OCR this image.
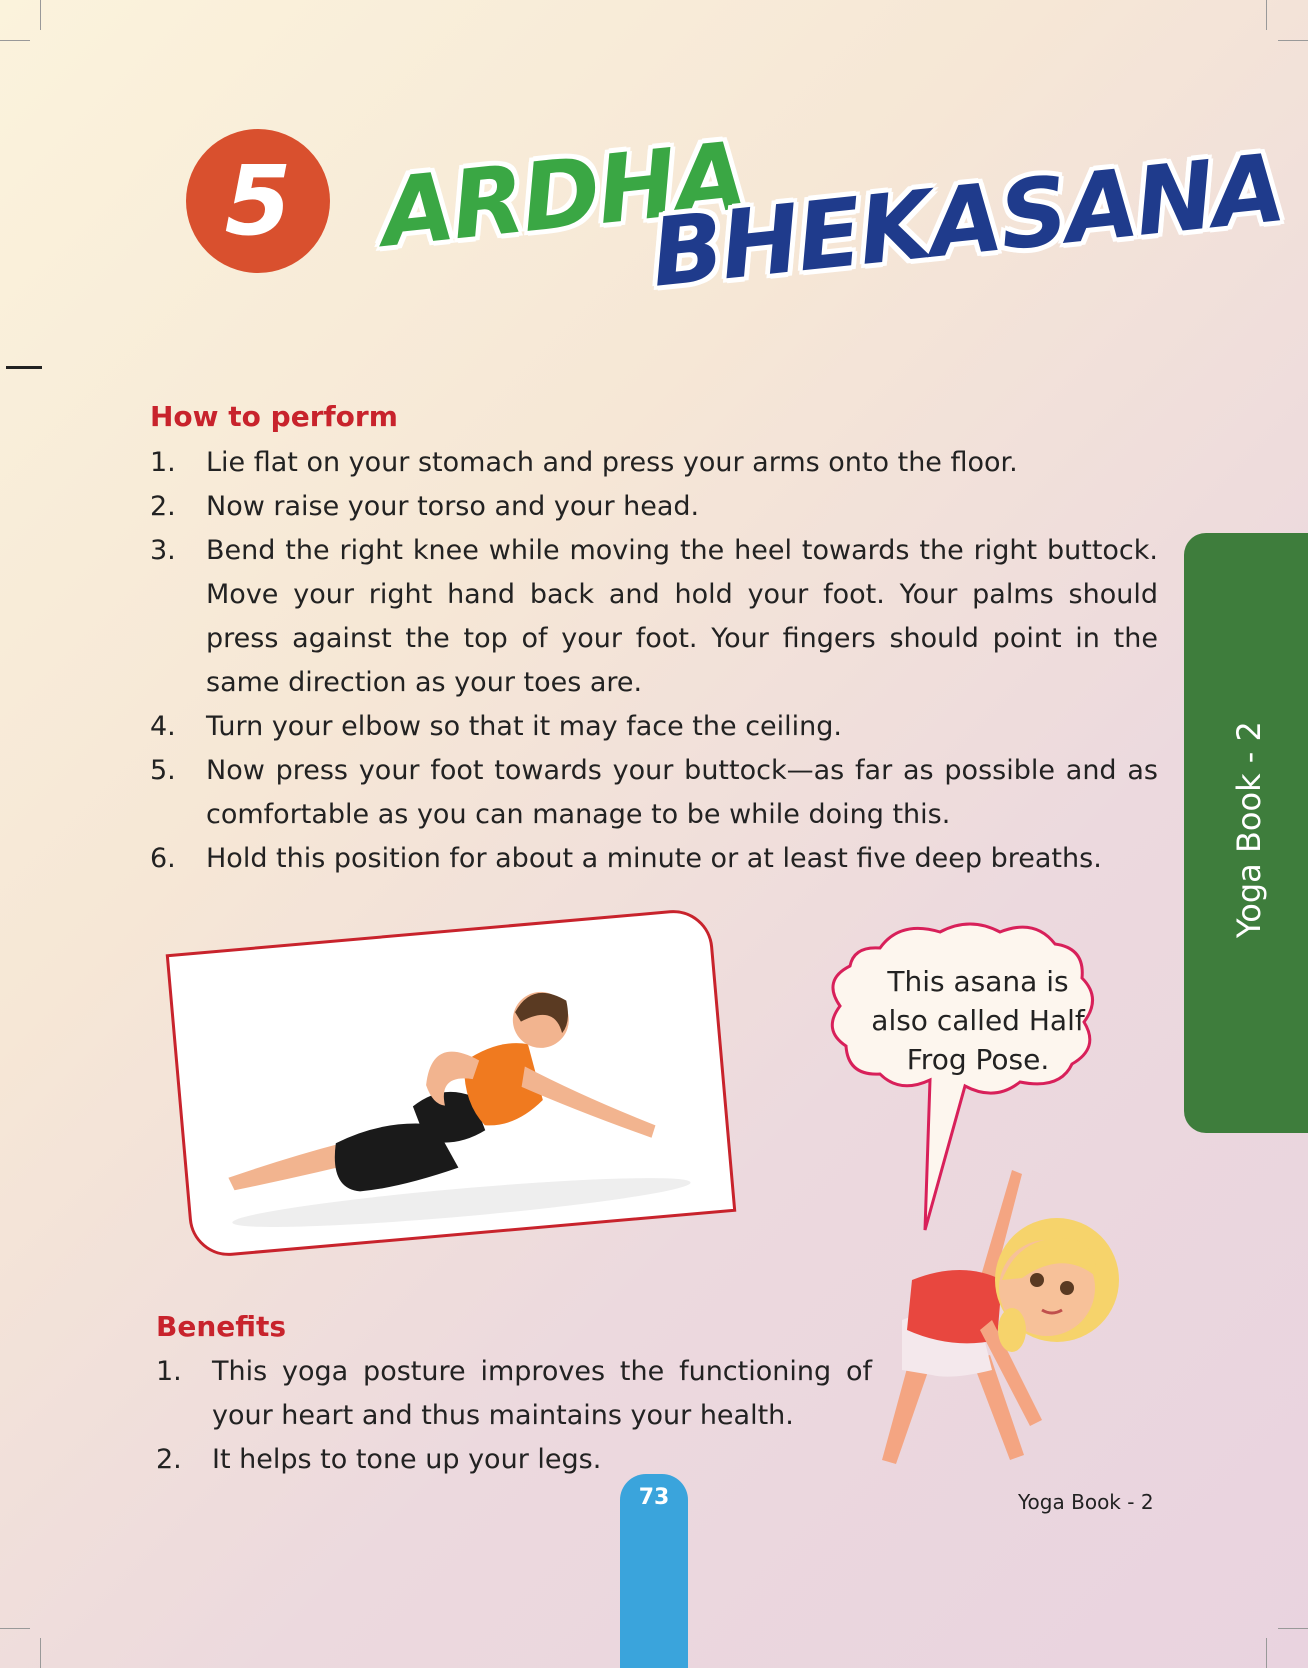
5 ARDHA
BHEKASANA
How to perform
1. Lie flat on your stomach and press your arms onto the floor.
2. Now raise your torso and your head.
3. Bend the right knee while moving the heel towards the right buttock. Move your right hand back and hold your foot. Your palms should press against the top of your foot. Your fingers should point in the same direction as your toes are.
4. Turn your elbow so that it may face the ceiling.
5. Now press your foot towards your buttock—as far as possible and as comfortable as you can manage to be while doing this.
6. Hold this position for about a minute or at least five deep breaths.	Yoga Book - 2
This asana is also called Half Frog Pose.
Benefits
1. This yoga posture improves the functioning of your heart and thus maintains your health.
2. It helps to tone up your legs.
73	Yoga Book - 2
